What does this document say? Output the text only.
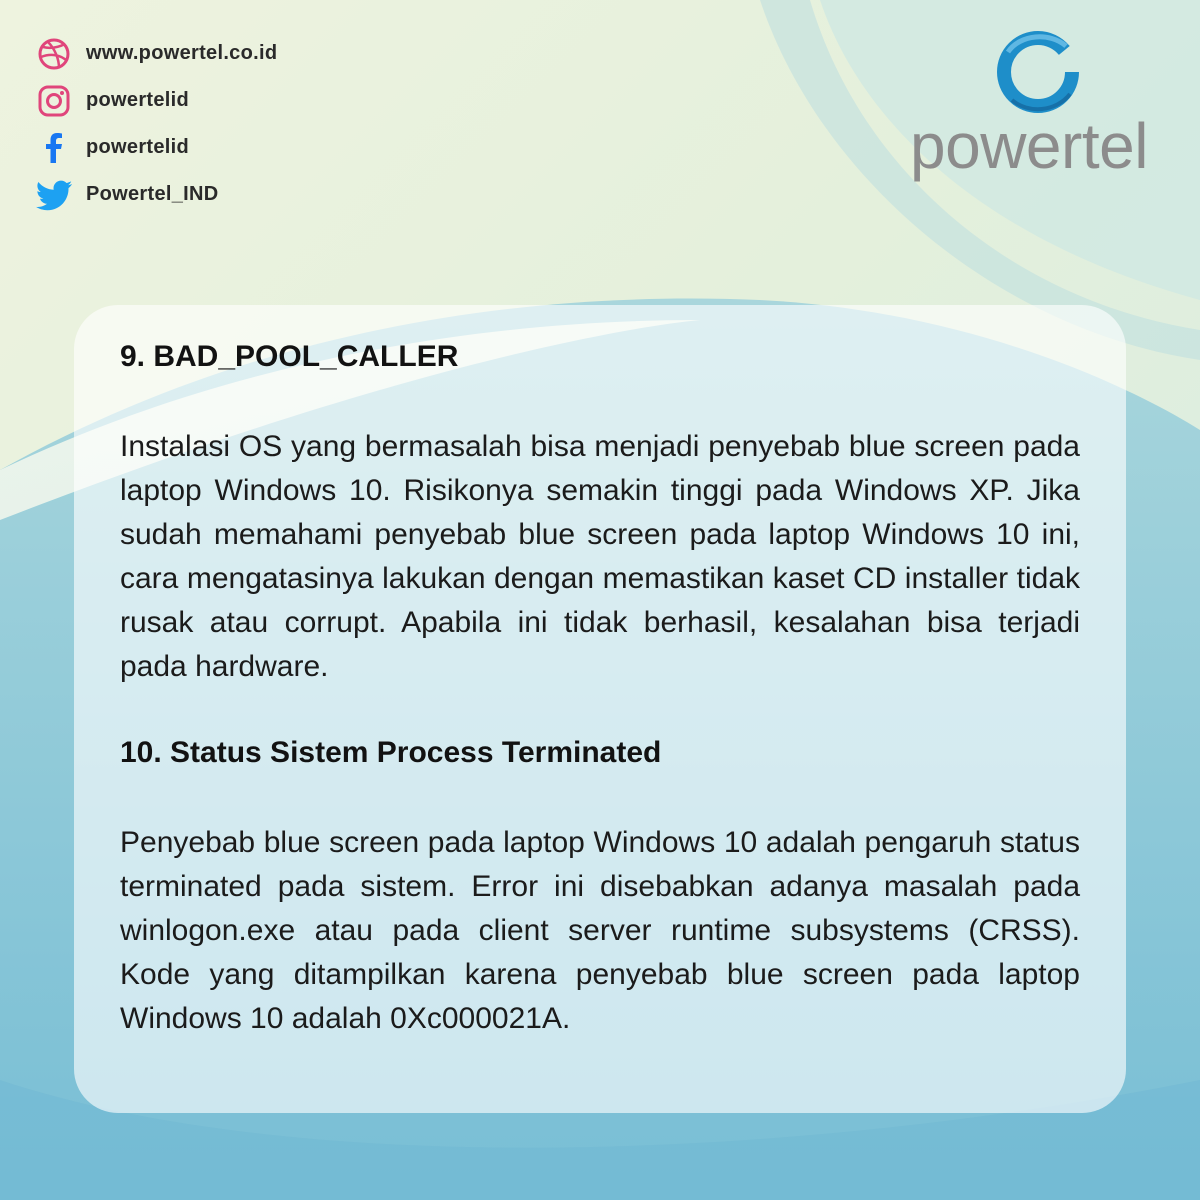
www.powertel.co.id
powertelid
powertelid
Powertel_IND
powertel
9. BAD_POOL_CALLER

Instalasi OS yang bermasalah bisa menjadi penyebab blue screen pada laptop Windows 10. Risikonya semakin tinggi pada Windows XP. Jika sudah memahami penyebab blue screen pada laptop Windows 10 ini, cara mengatasinya lakukan dengan memastikan kaset CD installer tidak rusak atau corrupt. Apabila ini tidak berhasil, kesalahan bisa terjadi pada hardware.

10. Status Sistem Process Terminated

Penyebab blue screen pada laptop Windows 10 adalah pengaruh status terminated pada sistem. Error ini disebabkan adanya masalah pada winlogon.exe atau pada client server runtime subsystems (CRSS). Kode yang ditampilkan karena penyebab blue screen pada laptop Windows 10 adalah 0Xc000021A.
